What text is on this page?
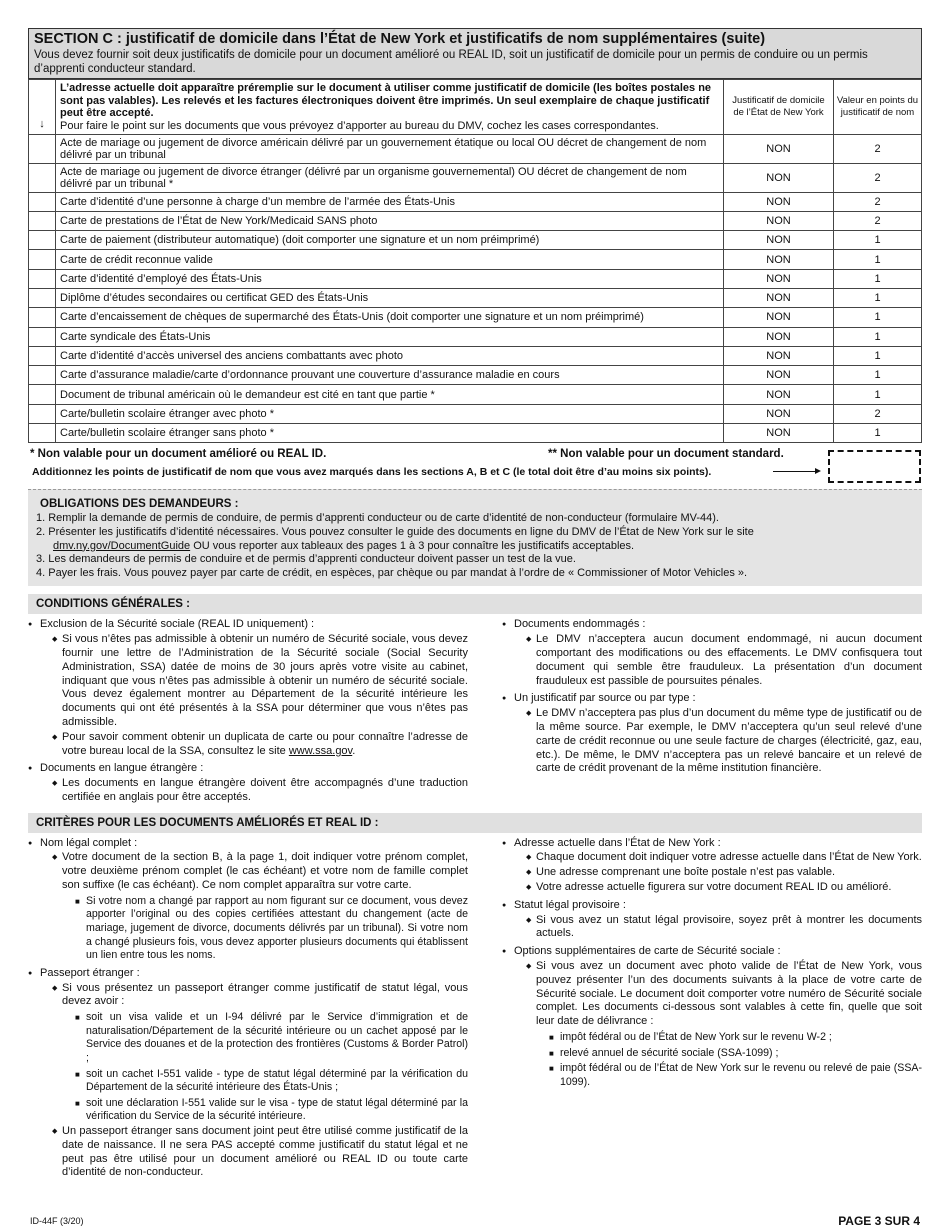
SECTION C : justificatif de domicile dans l’État de New York et justificatifs de nom supplémentaires (suite)
Vous devez fournir soit deux justificatifs de domicile pour un document amélioré ou REAL ID, soit un justificatif de domicile pour un permis de conduire ou un permis d’apprenti conducteur standard.
↓	L’adresse actuelle doit apparaître préremplie sur le document à utiliser comme justificatif de domicile (les boîtes postales ne sont pas valables). Les relevés et les factures électroniques doivent être imprimés. Un seul exemplaire de chaque justificatif peut être accepté.
Pour faire le point sur les documents que vous prévoyez d’apporter au bureau du DMV, cochez les cases correspondantes.	Justificatif de domicile de l’État de New York	Valeur en points du justificatif de nom
	Acte de mariage ou jugement de divorce américain délivré par un gouvernement étatique ou local OU décret de changement de nom délivré par un tribunal	NON	2
	Acte de mariage ou jugement de divorce étranger (délivré par un organisme gouvernemental) OU décret de changement de nom délivré par un tribunal *	NON	2
	Carte d’identité d’une personne à charge d’un membre de l’armée des États-Unis	NON	2
	Carte de prestations de l’État de New York/Medicaid SANS photo	NON	2
	Carte de paiement (distributeur automatique) (doit comporter une signature et un nom préimprimé)	NON	1
	Carte de crédit reconnue valide	NON	1
	Carte d’identité d’employé des États-Unis	NON	1
	Diplôme d’études secondaires ou certificat GED des États-Unis	NON	1
	Carte d’encaissement de chèques de supermarché des États-Unis (doit comporter une signature et un nom préimprimé)	NON	1
	Carte syndicale des États-Unis	NON	1
	Carte d’identité d’accès universel des anciens combattants avec photo	NON	1
	Carte d’assurance maladie/carte d’ordonnance prouvant une couverture d’assurance maladie en cours	NON	1
	Document de tribunal américain où le demandeur est cité en tant que partie *	NON	1
	Carte/bulletin scolaire étranger avec photo *	NON	2
	Carte/bulletin scolaire étranger sans photo *	NON	1
* Non valable pour un document amélioré ou REAL ID.	** Non valable pour un document standard.
Additionnez les points de justificatif de nom que vous avez marqués dans les sections A, B et C (le total doit être d’au moins six points).
OBLIGATIONS DES DEMANDEURS :

1. Remplir la demande de permis de conduire, de permis d’apprenti conducteur ou de carte d’identité de non-conducteur (formulaire MV-44).

2. Présenter les justificatifs d’identité nécessaires. Vous pouvez consulter le guide des documents en ligne du DMV de l’État de New York sur le site

dmv.ny.gov/DocumentGuide OU vous reporter aux tableaux des pages 1 à 3 pour connaître les justificatifs acceptables.

3. Les demandeurs de permis de conduire et de permis d’apprenti conducteur doivent passer un test de la vue.

4. Payer les frais. Vous pouvez payer par carte de crédit, en espèces, par chèque ou par mandat à l’ordre de « Commissioner of Motor Vehicles ».

CONDITIONS GÉNÉRALES :
● Exclusion de la Sécurité sociale (REAL ID uniquement) :
◆ Si vous n’êtes pas admissible à obtenir un numéro de Sécurité sociale, vous devez fournir une lettre de l’Administration de la Sécurité sociale (Social Security Administration, SSA) datée de moins de 30 jours après votre visite au cabinet, indiquant que vous n’êtes pas admissible à obtenir un numéro de sécurité sociale. Vous devez également montrer au Département de la sécurité intérieure les documents qui ont été présentés à la SSA pour déterminer que vous n’êtes pas admissible.
◆ Pour savoir comment obtenir un duplicata de carte ou pour connaître l’adresse de votre bureau local de la SSA, consultez le site www.ssa.gov.
● Documents en langue étrangère :
◆ Les documents en langue étrangère doivent être accompagnés d’une traduction certifiée en anglais pour être acceptés.
● Documents endommagés :
◆ Le DMV n’acceptera aucun document endommagé, ni aucun document comportant des modifications ou des effacements. Le DMV confisquera tout document qui semble être frauduleux. La présentation d’un document frauduleux est passible de poursuites pénales.
● Un justificatif par source ou par type :
◆ Le DMV n’acceptera pas plus d’un document du même type de justificatif ou de la même source. Par exemple, le DMV n’acceptera qu’un seul relevé d’une carte de crédit reconnue ou une seule facture de charges (électricité, gaz, eau, etc.). De même, le DMV n’acceptera pas un relevé bancaire et un relevé de carte de crédit provenant de la même institution financière.
CRITÈRES POUR LES DOCUMENTS AMÉLIORÉS ET REAL ID :
● Nom légal complet :
◆ Votre document de la section B, à la page 1, doit indiquer votre prénom complet, votre deuxième prénom complet (le cas échéant) et votre nom de famille complet son suffixe (le cas échéant). Ce nom complet apparaîtra sur votre carte.
■ Si votre nom a changé par rapport au nom figurant sur ce document, vous devez apporter l’original ou des copies certifiées attestant du changement (acte de mariage, jugement de divorce, documents délivrés par un tribunal). Si votre nom a changé plusieurs fois, vous devez apporter plusieurs documents qui établissent un lien entre tous les noms.
● Passeport étranger :
◆ Si vous présentez un passeport étranger comme justificatif de statut légal, vous devez avoir :
■ soit un visa valide et un I-94 délivré par le Service d’immigration et de naturalisation/Département de la sécurité intérieure ou un cachet apposé par le Service des douanes et de la protection des frontières (Customs & Border Patrol) ;
■ soit un cachet I-551 valide - type de statut légal déterminé par la vérification du Département de la sécurité intérieure des États-Unis ;
■ soit une déclaration I-551 valide sur le visa - type de statut légal déterminé par la vérification du Service de la sécurité intérieure.
◆ Un passeport étranger sans document joint peut être utilisé comme justificatif de la date de naissance. Il ne sera PAS accepté comme justificatif du statut légal et ne peut pas être utilisé pour un document amélioré ou REAL ID ou toute carte d’identité de non-conducteur.
● Adresse actuelle dans l’État de New York :
◆ Chaque document doit indiquer votre adresse actuelle dans l’État de New York.
◆ Une adresse comprenant une boîte postale n’est pas valable.
◆ Votre adresse actuelle figurera sur votre document REAL ID ou amélioré.
● Statut légal provisoire :
◆ Si vous avez un statut légal provisoire, soyez prêt à montrer les documents actuels.
● Options supplémentaires de carte de Sécurité sociale :
◆ Si vous avez un document avec photo valide de l’État de New York, vous pouvez présenter l’un des documents suivants à la place de votre carte de Sécurité sociale. Le document doit comporter votre numéro de Sécurité sociale complet. Les documents ci-dessous sont valables à cette fin, quelle que soit leur date de délivrance :
■ impôt fédéral ou de l’État de New York sur le revenu W-2 ;
■ relevé annuel de sécurité sociale (SSA-1099) ;
■ impôt fédéral ou de l’État de New York sur le revenu ou relevé de paie (SSA-1099).
ID-44F (3/20)	PAGE 3 SUR 4
